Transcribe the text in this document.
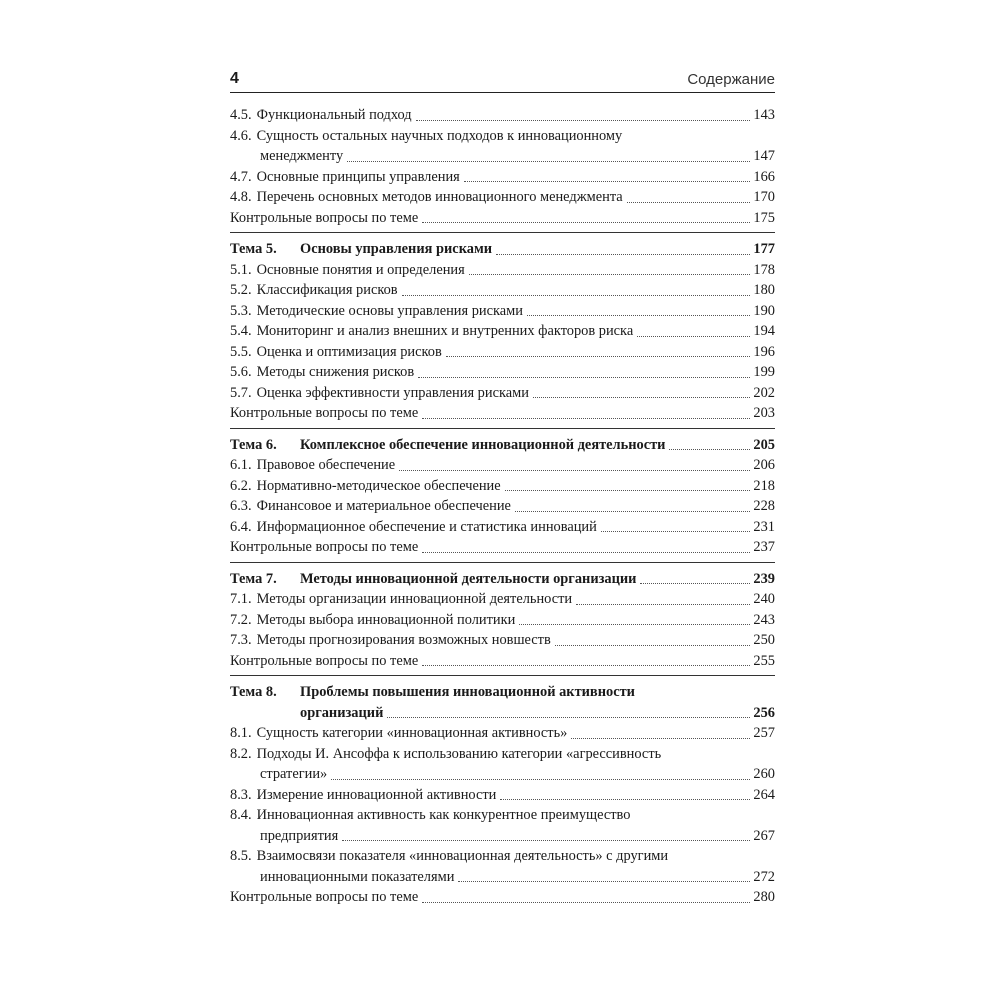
4	Содержание
4.5. Функциональный подход	143
4.6. Сущность остальных научных подходов к инновационному
менеджменту	147
4.7. Основные принципы управления	166
4.8. Перечень основных методов инновационного менеджмента	170
Контрольные вопросы по теме	175
Тема 5.	Основы управления рисками	177
5.1. Основные понятия и определения	178
5.2. Классификация рисков	180
5.3. Методические основы управления рисками	190
5.4. Мониторинг и анализ внешних и внутренних факторов риска	194
5.5. Оценка и оптимизация рисков	196
5.6. Методы снижения рисков	199
5.7. Оценка эффективности управления рисками	202
Контрольные вопросы по теме	203
Тема 6.	Комплексное обеспечение инновационной деятельности	205
6.1. Правовое обеспечение	206
6.2. Нормативно-методическое обеспечение	218
6.3. Финансовое и материальное обеспечение	228
6.4. Информационное обеспечение и статистика инноваций	231
Контрольные вопросы по теме	237
Тема 7.	Методы инновационной деятельности организации	239
7.1. Методы организации инновационной деятельности	240
7.2. Методы выбора инновационной политики	243
7.3. Методы прогнозирования возможных новшеств	250
Контрольные вопросы по теме	255
Тема 8. Проблемы повышения инновационной активности
организаций	256
8.1. Сущность категории «инновационная активность»	257
8.2. Подходы И. Ансоффа к использованию категории «агрессивность
стратегии»	260
8.3. Измерение инновационной активности	264
8.4. Инновационная активность как конкурентное преимущество
предприятия	267
8.5. Взаимосвязи показателя «инновационная деятельность» с другими
инновационными показателями	272
Контрольные вопросы по теме	280
